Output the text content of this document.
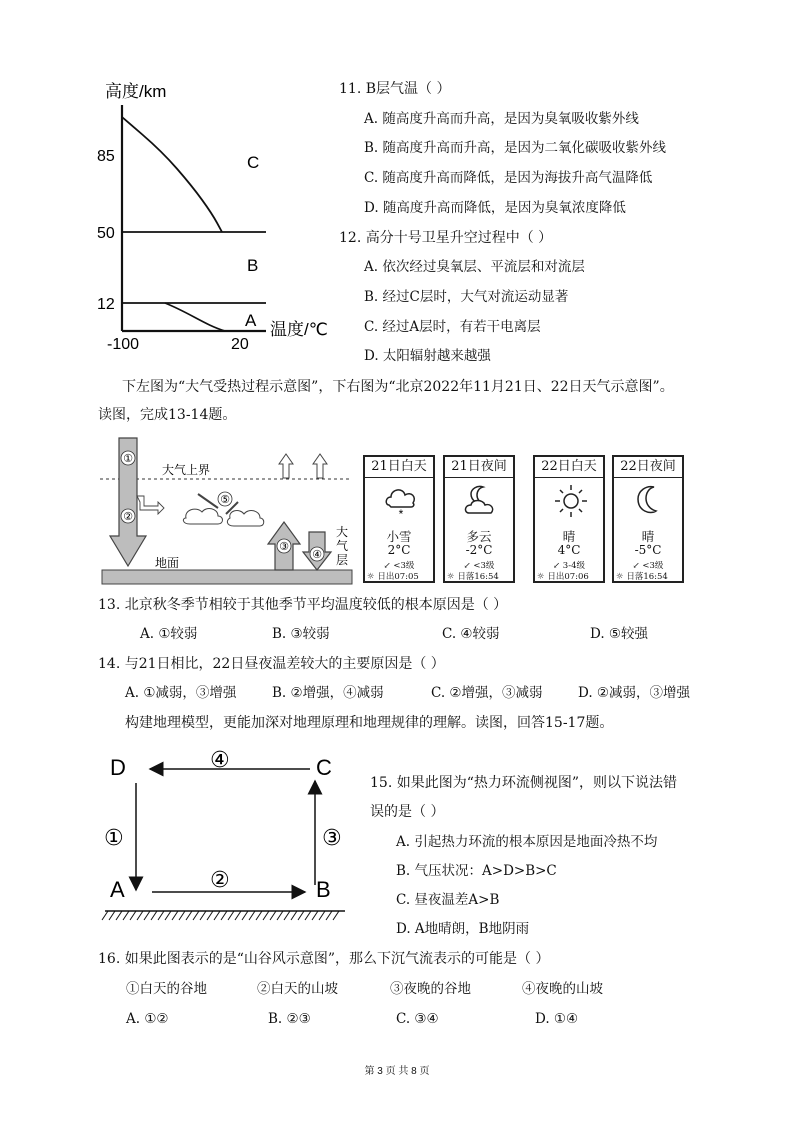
高度/km
85
50
12
-100	20
C
B
A 温度/℃
11. B层气温（ ）
A. 随高度升高而升高，是因为臭氧吸收紫外线
B. 随高度升高而升高，是因为二氧化碳吸收紫外线
C. 随高度升高而降低，是因为海拔升高气温降低
D. 随高度升高而降低，是因为臭氧浓度降低
12. 高分十号卫星升空过程中（ ）
A. 依次经过臭氧层、平流层和对流层
B. 经过C层时，大气对流运动显著
C. 经过A层时，有若干电离层
D. 太阳辐射越来越强
下左图为“大气受热过程示意图”，下右图为“北京2022年11月21日、22日天气示意图”。
读图，完成13-14题。
大气上界
地面
①
②
⑤
③
④
大
气
层
21日白天
*
小雪
2°C
↙ <3级
☼ 日出07:05
21日夜间
多云
-2°C
↙ <3级
☼ 日落16:54
22日白天
晴
4°C
↙ 3-4级
☼ 日出07:06
22日夜间
晴
-5°C
↙ <3级
☼ 日落16:54
13. 北京秋冬季节相较于其他季节平均温度较低的根本原因是（ ）
A. ①较弱	B. ③较弱	C. ④较弱	D. ⑤较强
14. 与21日相比，22日昼夜温差较大的主要原因是（ ）
A. ①减弱，③增强	B. ②增强，④减弱	C. ②增强，③减弱	D. ②减弱，③增强
构建地理模型，更能加深对地理原理和地理规律的理解。读图，回答15-17题。
D	C
A	B
④
①
②
③
15. 如果此图为“热力环流侧视图”，则以下说法错
误的是（ ）
A. 引起热力环流的根本原因是地面冷热不均
B. 气压状况：A>D>B>C
C. 昼夜温差A>B
D. A地晴朗，B地阴雨
16. 如果此图表示的是“山谷风示意图”，那么下沉气流表示的可能是（ ）
①白天的谷地	②白天的山坡	③夜晚的谷地	④夜晚的山坡
A. ①②	B. ②③	C. ③④	D. ①④
第 3 页 共 8 页
